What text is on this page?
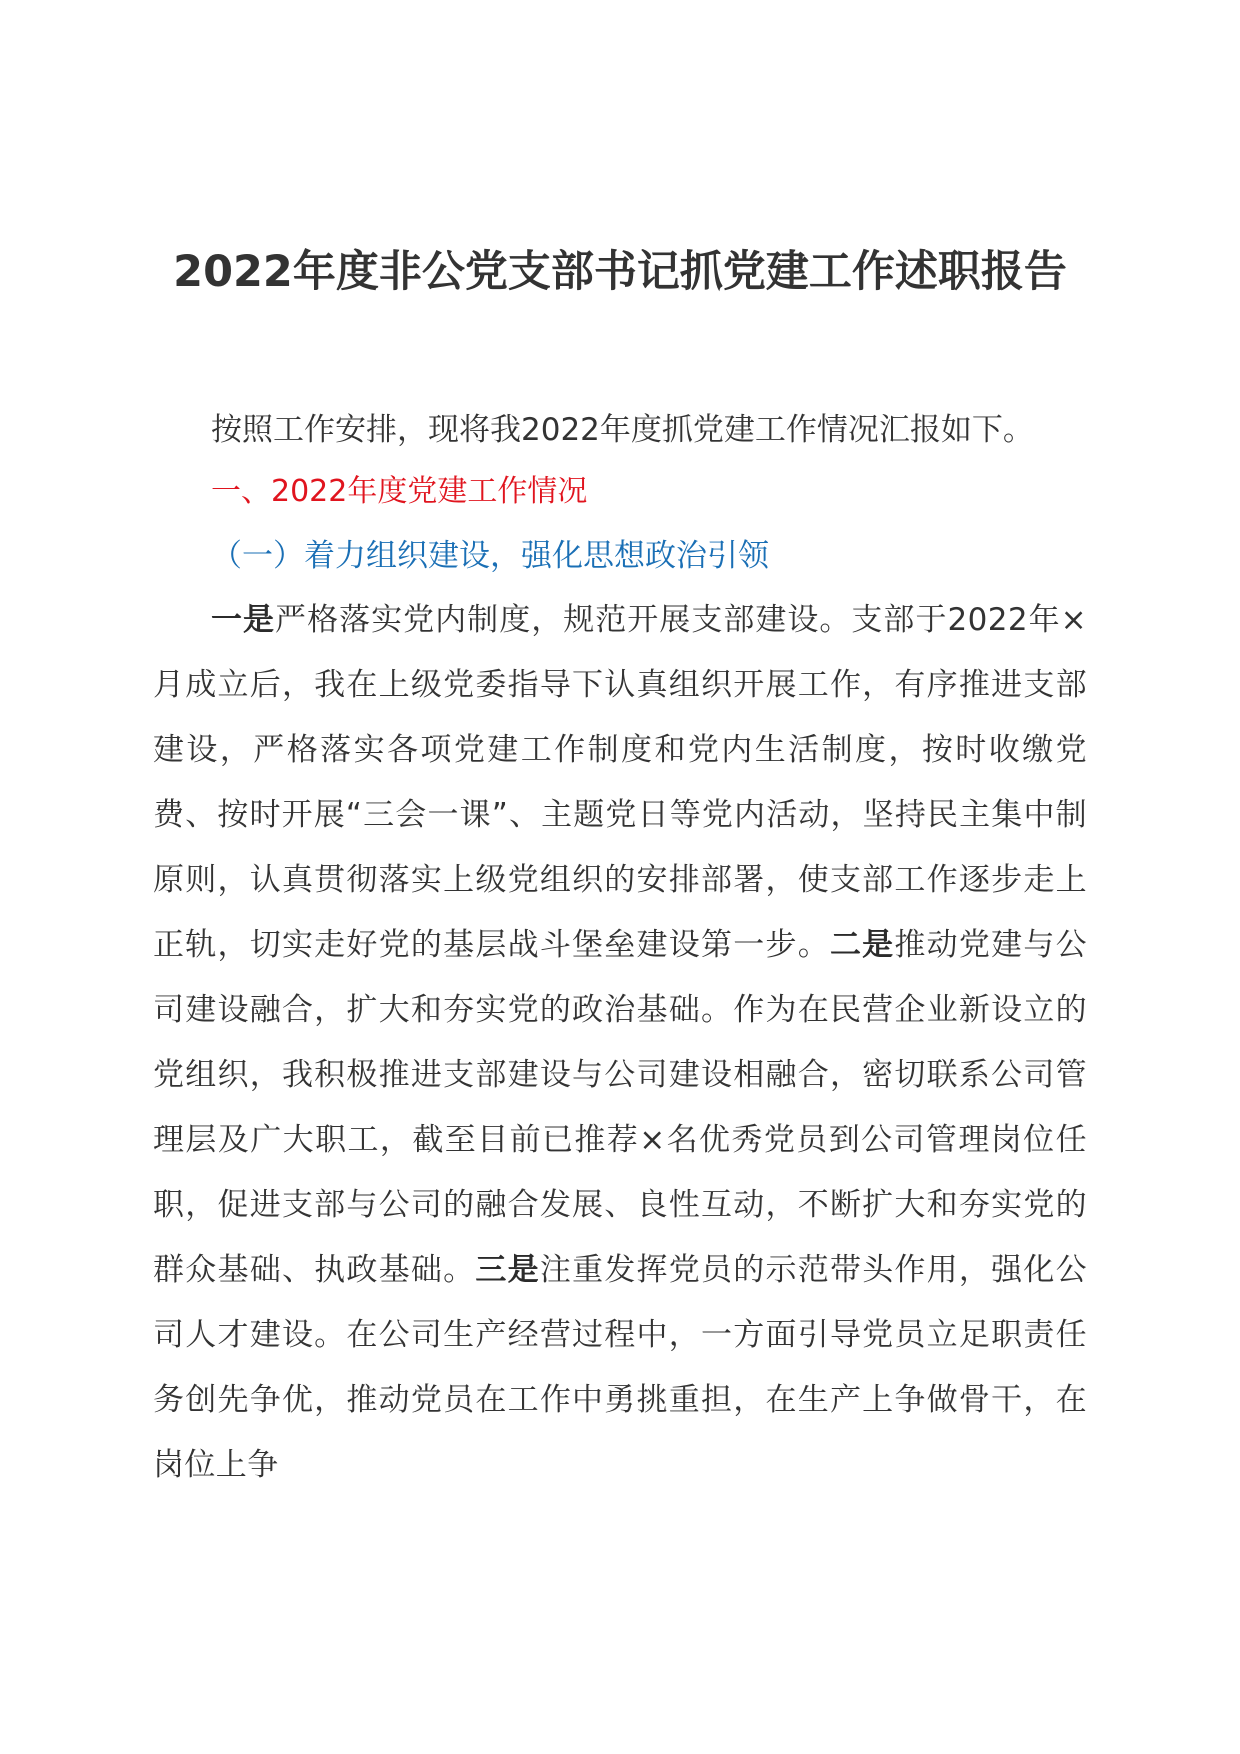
2022年度非公党支部书记抓党建工作述职报告

按照工作安排，现将我2022年度抓党建工作情况汇报如下。

一、2022年度党建工作情况

（一）着力组织建设，强化思想政治引领

一是严格落实党内制度，规范开展支部建设。支部于2022年×月成立后，我在上级党委指导下认真组织开展工作，有序推进支部建设，严格落实各项党建工作制度和党内生活制度，按时收缴党费、按时开展“三会一课”、主题党日等党内活动，坚持民主集中制原则，认真贯彻落实上级党组织的安排部署，使支部工作逐步走上正轨，切实走好党的基层战斗堡垒建设第一步。二是推动党建与公司建设融合，扩大和夯实党的政治基础。作为在民营企业新设立的党组织，我积极推进支部建设与公司建设相融合，密切联系公司管理层及广大职工，截至目前已推荐×名优秀党员到公司管理岗位任职，促进支部与公司的融合发展、良性互动，不断扩大和夯实党的群众基础、执政基础。三是注重发挥党员的示范带头作用，强化公司人才建设。在公司生产经营过程中，一方面引导党员立足职责任务创先争优，推动党员在工作中勇挑重担，在生产上争做骨干，在岗位上争
